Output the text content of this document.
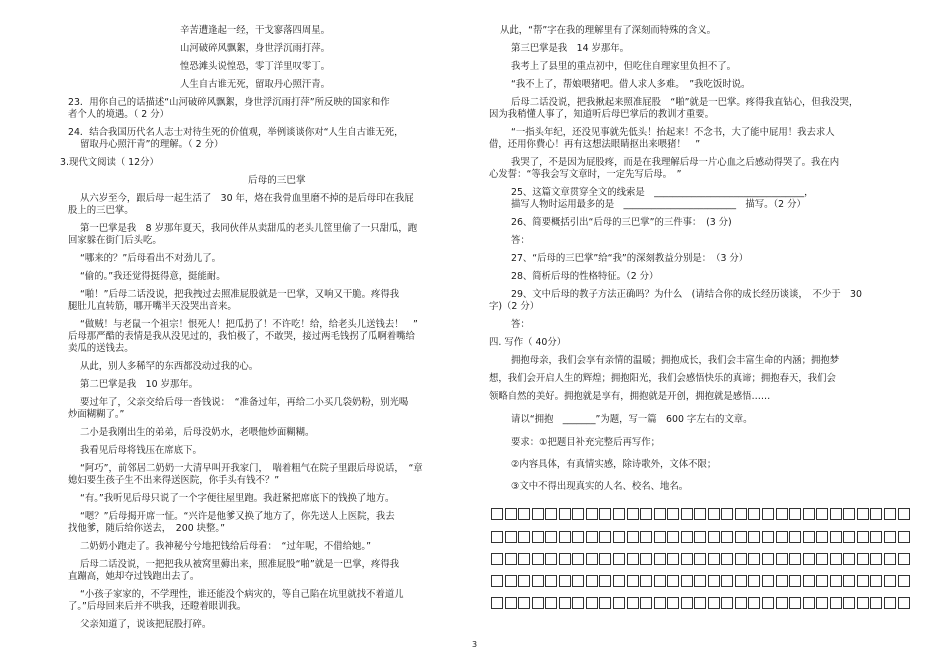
辛苦遭逢起一经，干戈寥落四周星。
山河破碎风飘絮，身世浮沉雨打萍。
惶恐滩头说惶恐，零丁洋里叹零丁。
人生自古谁无死，留取丹心照汗青。
23．用你自己的话描述“山河破碎风飘絮，身世浮沉雨打萍”所反映的国家和作
者个人的境遇。（ 2 分）
24．结合我国历代名人志士对待生死的价值观，举例谈谈你对“人生自古谁无死，
留取丹心照汗青”的理解。（ 2 分）
3.现代文阅读（ 12分）
后母的三巴掌
从六岁至今，跟后母一起生活了　30 年，烙在我骨血里磨不掉的是后母印在我屁
股上的三巴掌。
第一巴掌是我　8 岁那年夏天，我同伙伴从卖甜瓜的老头儿筐里偷了一只甜瓜，跑
回家躲在街门后头吃。
“哪来的？”后母看出不对劲儿了。
“偷的。”我还觉得挺得意，挺能耐。
“啪！”后母二话没说，把我拽过去照准屁股就是一巴掌，又响又干脆。疼得我
腿肚儿直转筋，哪开嘴半天没哭出音来。
“做贼！与老鼠一个祖宗！恨死人！把瓜扔了！不许吃！给，给老头儿送钱去！　”
后母那严酷的表情是我从没见过的，我怕极了，不敢哭，接过两毛钱拐了瓜啊着嘴给
卖瓜的送钱去。
从此，别人多稀罕的东西都没动过我的心。
第二巴掌是我　10 岁那年。
要过年了，父亲交给后母一沓钱说：　“准备过年，再给二小买几袋奶粉，别光喝
炒面糊糊了。”
二小是我刚出生的弟弟，后母没奶水，老喂他炒面糊糊。
我看见后母将钱压在席底下。
“阿巧”，前邻居二奶奶一大清早叫开我家门，　喘着粗气在院子里跟后母说话，　“章
媳妇要生孩子生不出来得送医院，你手头有钱不？”
“有。”我听见后母只说了一个字便往屋里跑。我赶紧把席底下的钱换了地方。
“嗯？”后母揭开席一怔。“兴许是他爹又换了地方了，你先送人上医院，我去
找他爹，随后给你送去，　200 块整。”
二奶奶小跑走了。我神秘兮兮地把钱给后母看：　“过年呢，不借给她。”
后母二话没说，一把把我从被窝里薅出来，照准屁股“啪”就是一巴掌，疼得我
直蹦高，她却夺过钱跑出去了。
“小孩子家家的，不学理性，谁还能没个病灾的，等自己陷在坑里就找不着道儿
了。”后母回来后并不哄我，还瞪着眼训我。
父亲知道了，说该把屁股打碎。
从此，“帮”字在我的理解里有了深刻而特殊的含义。
第三巴掌是我　14 岁那年。
我考上了县里的重点初中，但吃住自理家里负担不了。
“我不上了，帮娘喂猪吧。借人求人多难。　”我吃饭时说。
后母二话没说，把我揪起来照准屁股　“啪”就是一巴掌。疼得我直钻心，但我没哭，
因为我稍懂人事了，知道听后母巴掌后的教训才重要。
“一指头年纪，还没见事就先低头！抬起来！不念书，大了能中屁用！我去求人
借，还用你費心！再有这想法眼睛抠出来喂猪！　”
我哭了，不是因为屁股疼，而是在我理解后母一片心血之后感动得哭了。我在内
心发誓：“等我会写文章时，一定先写后母。　”
25、这篇文章贯穿全文的线索是　________________________________，
描写人物时运用最多的是　________________________　描写。（2 分）
26、简要概括引出“后母的三巴掌”的三件事：　(3 分)
答：
27、“后母的三巴掌”给“我”的深刻教益分别是：　（3 分）
28、简析后母的性格特征。（2 分）
29、文中后母的教子方法正确吗？为什么　(请结合你的成长经历谈谈，　不少于　30
字)（2 分）
答：
四. 写作（ 40分）
拥抱母亲，我们会享有亲情的温暖；拥抱成长，我们会丰富生命的内涵；拥抱梦
想，我们会开启人生的辉煌；拥抱阳光，我们会感悟快乐的真谛；拥抱春天，我们会
领略自然的美好。拥抱就是享有，拥抱就是开创，拥抱就是感悟……
请以“拥抱　_______”为题，写一篇　600 字左右的文章。
要求：①把题目补充完整后再写作；
②内容具体，有真情实感，除诗歌外，文体不限；
③文中不得出现真实的人名、校名、地名。
3
